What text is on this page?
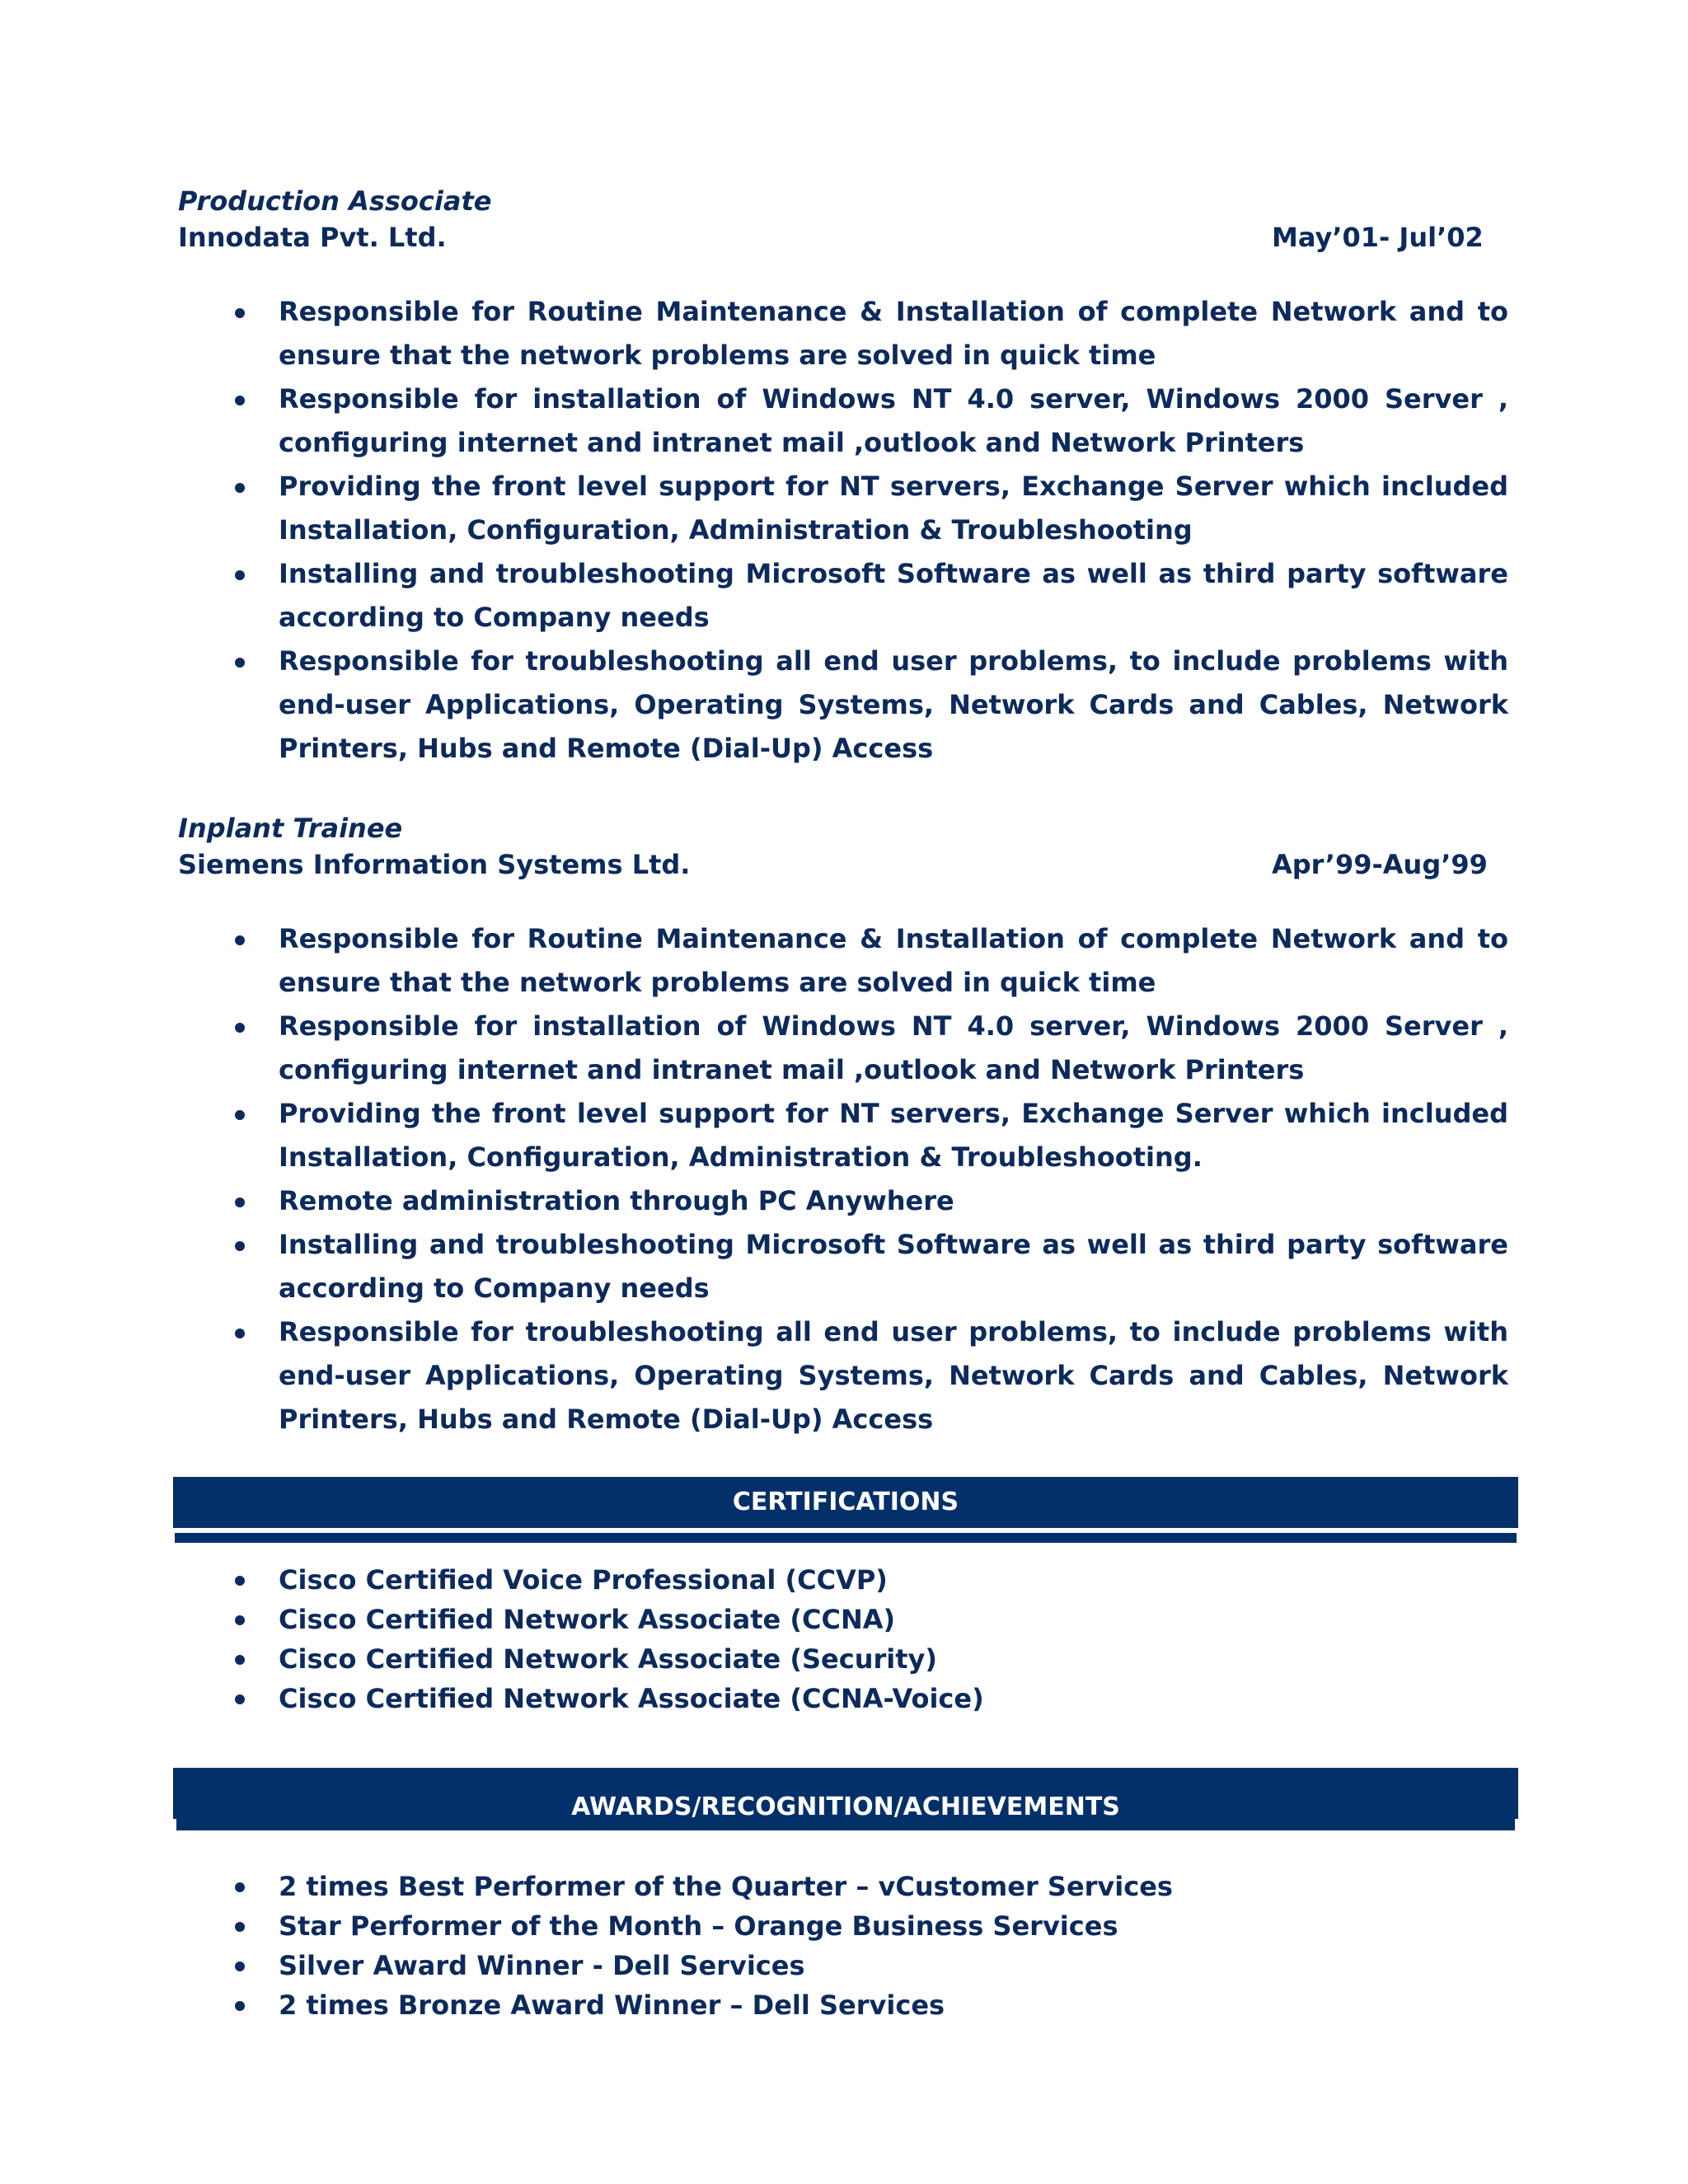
Production Associate
Innodata Pvt. Ltd.	May’01- Jul’02
Responsible for Routine Maintenance & Installation of complete Network and to ensure that the network problems are solved in quick time
Responsible for installation of Windows NT 4.0 server, Windows 2000 Server , configuring internet and intranet mail ,outlook and Network Printers
Providing the front level support for NT servers, Exchange Server which included Installation, Configuration, Administration & Troubleshooting
Installing and troubleshooting Microsoft Software as well as third party software according to Company needs
Responsible for troubleshooting all end user problems, to include problems with end-user Applications, Operating Systems, Network Cards and Cables, Network Printers, Hubs and Remote (Dial-Up) Access
Inplant Trainee
Siemens Information Systems Ltd.	Apr’99-Aug’99
Responsible for Routine Maintenance & Installation of complete Network and to ensure that the network problems are solved in quick time
Responsible for installation of Windows NT 4.0 server, Windows 2000 Server , configuring internet and intranet mail ,outlook and Network Printers
Providing the front level support for NT servers, Exchange Server which included Installation, Configuration, Administration & Troubleshooting.
Remote administration through PC Anywhere
Installing and troubleshooting Microsoft Software as well as third party software according to Company needs
Responsible for troubleshooting all end user problems, to include problems with end-user Applications, Operating Systems, Network Cards and Cables, Network Printers, Hubs and Remote (Dial-Up) Access
CERTIFICATIONS
Cisco Certified Voice Professional (CCVP)
Cisco Certified Network Associate (CCNA)
Cisco Certified Network Associate (Security)
Cisco Certified Network Associate (CCNA-Voice)
AWARDS/RECOGNITION/ACHIEVEMENTS
2 times Best Performer of the Quarter – vCustomer Services
Star Performer of the Month – Orange Business Services
Silver Award Winner - Dell Services
2 times Bronze Award Winner – Dell Services
